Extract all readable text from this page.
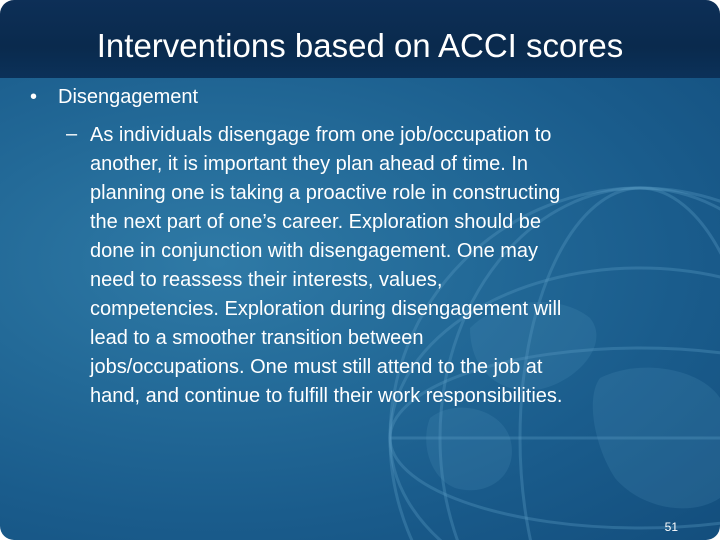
Interventions based on ACCI scores
• Disengagement
– As individuals disengage from one job/occupation to
another, it is important they plan ahead of time. In
planning one is taking a proactive role in constructing
the next part of one’s career. Exploration should be
done in conjunction with disengagement. One may
need to reassess their interests, values,
competencies. Exploration during disengagement will
lead to a smoother transition between
jobs/occupations. One must still attend to the job at
hand, and continue to fulfill their work responsibilities.
51
